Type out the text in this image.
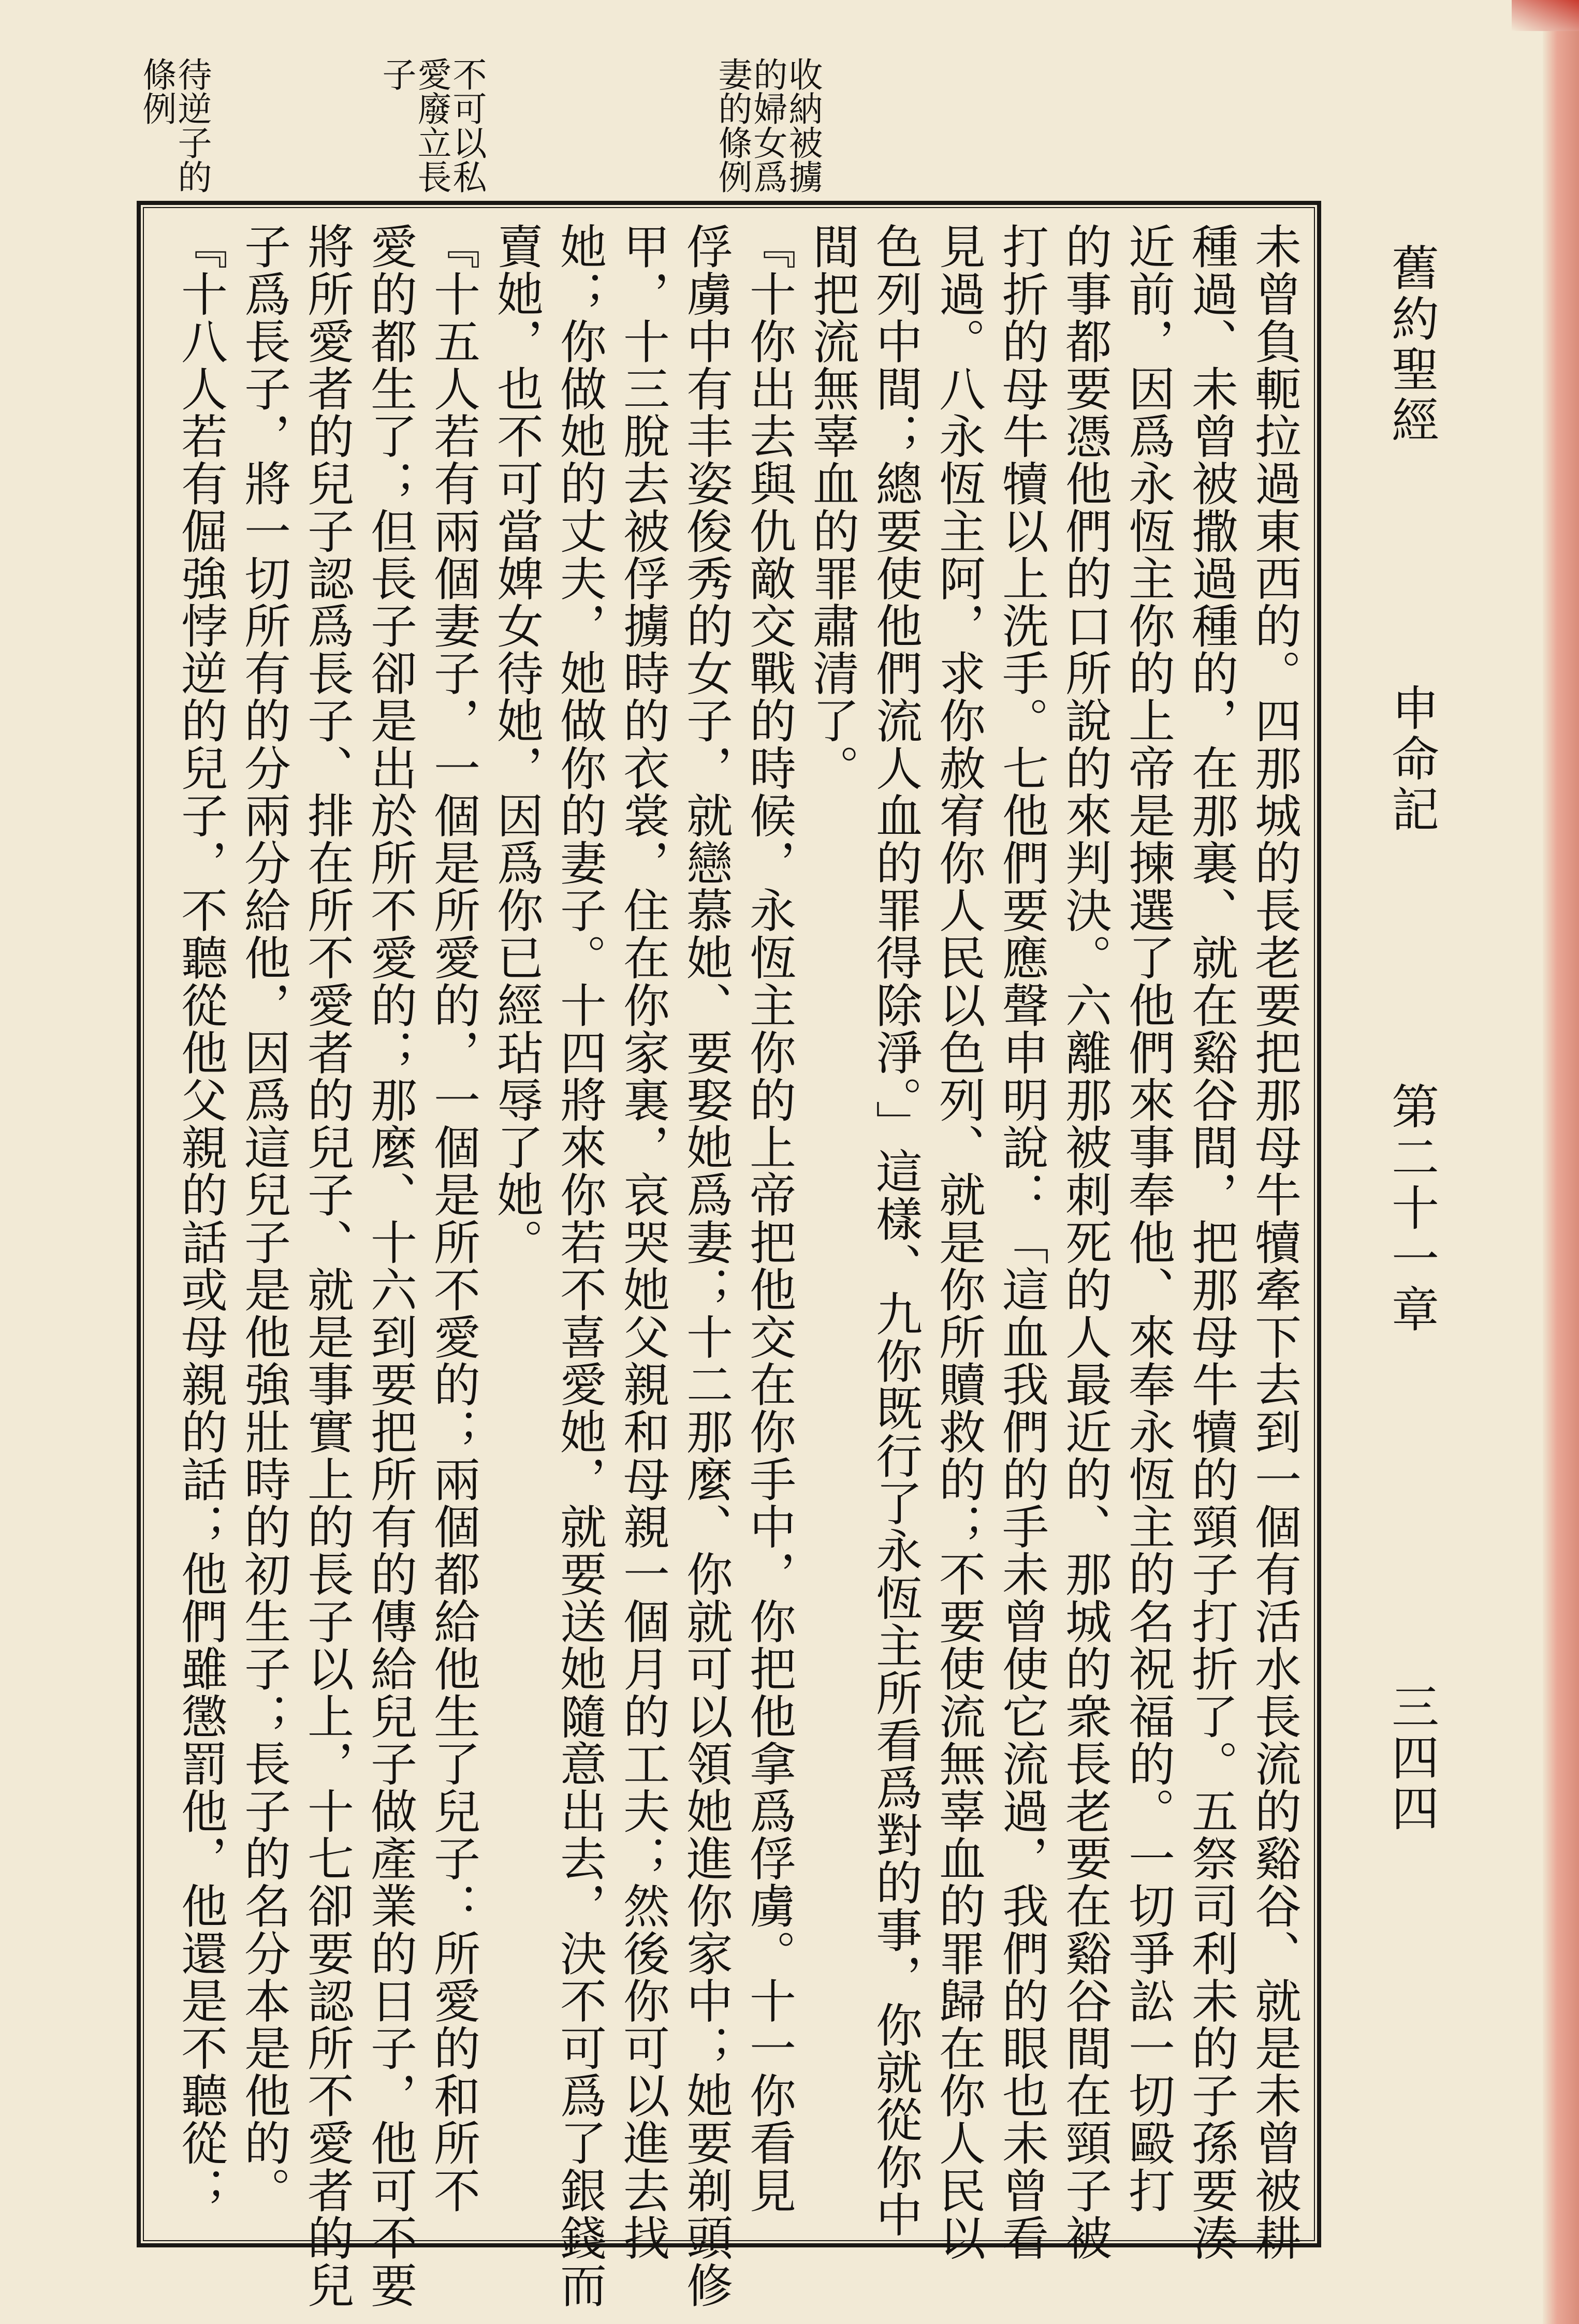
舊約聖經
申命記
第二十一章
三四四
收納被擄
的婦女爲
妻的條例
不可以私
愛廢立長
子
待逆子的
條例
未曾負軛拉過東西的。四那城的長老要把那母牛犢牽下去到一個有活水長流的谿谷、就是未曾被耕
種過、未曾被撒過種的，在那裏、就在谿谷間，把那母牛犢的頸子打折了。五祭司利未的子孫要湊
近前，因爲永恆主你的上帝是揀選了他們來事奉他、來奉永恆主的名祝福的。一切爭訟一切毆打
的事都要憑他們的口所說的來判決。六離那被刺死的人最近的、那城的衆長老要在谿谷間在頸子被
打折的母牛犢以上洗手。七他們要應聲申明說：「這血我們的手未曾使它流過，我們的眼也未曾看
見過。八永恆主阿，求你赦宥你人民以色列、就是你所贖救的；不要使流無辜血的罪歸在你人民以
色列中間；總要使他們流人血的罪得除淨。」這樣、九你既行了永恆主所看爲對的事，你就從你中
間把流無辜血的罪肅清了。
『十你出去與仇敵交戰的時候，永恆主你的上帝把他交在你手中，你把他拿爲俘虜。十一你看見
俘虜中有丰姿俊秀的女子，就戀慕她、要娶她爲妻；十二那麼、你就可以領她進你家中；她要剃頭修
甲，十三脫去被俘擄時的衣裳，住在你家裏，哀哭她父親和母親一個月的工夫；然後你可以進去找
她；你做她的丈夫，她做你的妻子。十四將來你若不喜愛她，就要送她隨意出去，決不可爲了銀錢而
賣她，也不可當婢女待她，因爲你已經玷辱了她。
『十五人若有兩個妻子，一個是所愛的，一個是所不愛的；兩個都給他生了兒子：所愛的和所不
愛的都生了；但長子卻是出於所不愛的；那麼、十六到要把所有的傳給兒子做產業的日子，他可不要
將所愛者的兒子認爲長子、排在所不愛者的兒子、就是事實上的長子以上，十七卻要認所不愛者的兒
子爲長子，將一切所有的分兩分給他，因爲這兒子是他強壯時的初生子；長子的名分本是他的。
『十八人若有倔強悖逆的兒子，不聽從他父親的話或母親的話；他們雖懲罰他，他還是不聽從；
